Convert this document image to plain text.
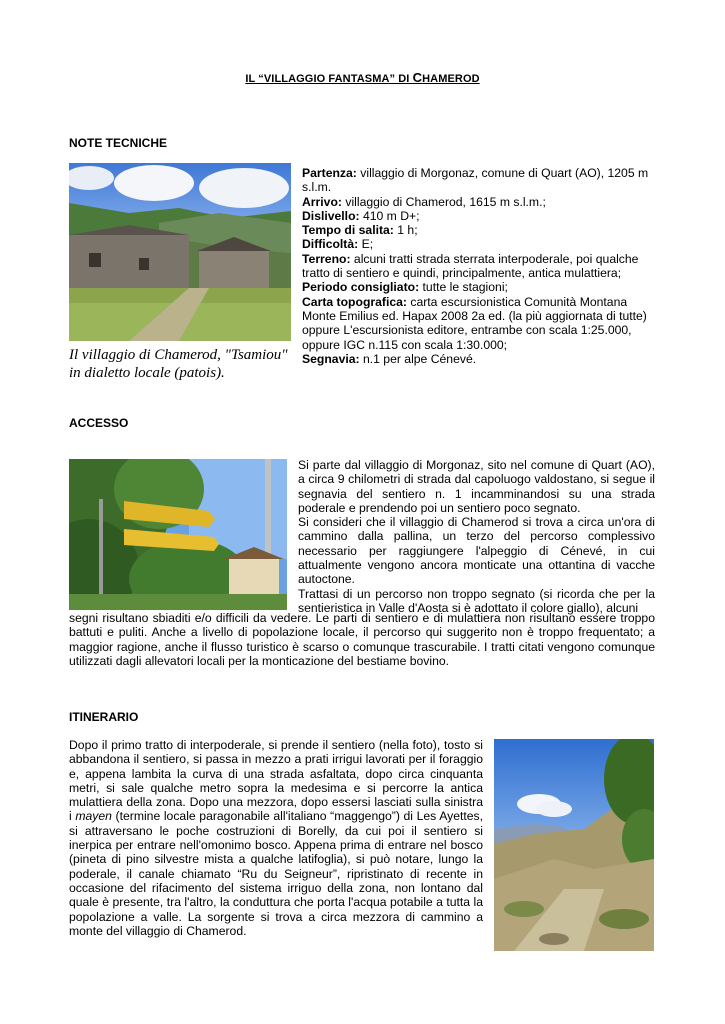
IL “VILLAGGIO FANTASMA” DI CHAMEROD
NOTE TECNICHE
Il villaggio di Chamerod, "Tsamiou" in dialetto locale (patois).

Partenza: villaggio di Morgonaz, comune di Quart (AO), 1205 m s.l.m.

Arrivo: villaggio di Chamerod, 1615 m s.l.m.;

Dislivello: 410 m D+;

Tempo di salita: 1 h;

Difficoltà: E;

Terreno: alcuni tratti strada sterrata interpoderale, poi qualche tratto di sentiero e quindi, principalmente, antica mulattiera;

Periodo consigliato: tutte le stagioni;

Carta topografica: carta escursionistica Comunità Montana Monte Emilius ed. Hapax 2008 2a ed. (la più aggiornata di tutte) oppure L'escursionista editore, entrambe con scala 1:25.000, oppure IGC n.115 con scala 1:30.000;

Segnavia: n.1 per alpe Cénevé.

ACCESSO

Si parte dal villaggio di Morgonaz, sito nel comune di Quart (AO), a circa 9 chilometri di strada dal capoluogo valdostano, si segue il segnavia del sentiero n. 1 incamminandosi su una strada poderale e prendendo poi un sentiero poco segnato.

Si consideri che il villaggio di Chamerod si trova a circa un'ora di cammino dalla pallina, un terzo del percorso complessivo necessario per raggiungere l'alpeggio di Cénevé, in cui attualmente vengono ancora monticate una ottantina di vacche autoctone.

Trattasi di un percorso non troppo segnato (si ricorda che per la sentieristica in Valle d'Aosta si è adottato il colore giallo), alcuni

segni risultano sbiaditi e/o difficili da vedere. Le parti di sentiero e di mulattiera non risultano essere troppo battuti e puliti. Anche a livello di popolazione locale, il percorso qui suggerito non è troppo frequentato; a maggior ragione, anche il flusso turistico è scarso o comunque trascurabile. I tratti citati vengono comunque utilizzati dagli allevatori locali per la monticazione del bestiame bovino.
ITINERARIO
Dopo il primo tratto di interpoderale, si prende il sentiero (nella foto), tosto si abbandona il sentiero, si passa in mezzo a prati irrigui lavorati per il foraggio e, appena lambita la curva di una strada asfaltata, dopo circa cinquanta metri, si sale qualche metro sopra la medesima e si percorre la antica mulattiera della zona. Dopo una mezzora, dopo essersi lasciati sulla sinistra i mayen (termine locale paragonabile all'italiano “maggengo”) di Les Ayettes, si attraversano le poche costruzioni di Borelly, da cui poi il sentiero si inerpica per entrare nell'omonimo bosco. Appena prima di entrare nel bosco (pineta di pino silvestre mista a qualche latifoglia), si può notare, lungo la poderale, il canale chiamato “Ru du Seigneur”, ripristinato di recente in occasione del rifacimento del sistema irriguo della zona, non lontano dal quale è presente, tra l'altro, la conduttura che porta l'acqua potabile a tutta la popolazione a valle. La sorgente si trova a circa mezzora di cammino a monte del villaggio di Chamerod.
